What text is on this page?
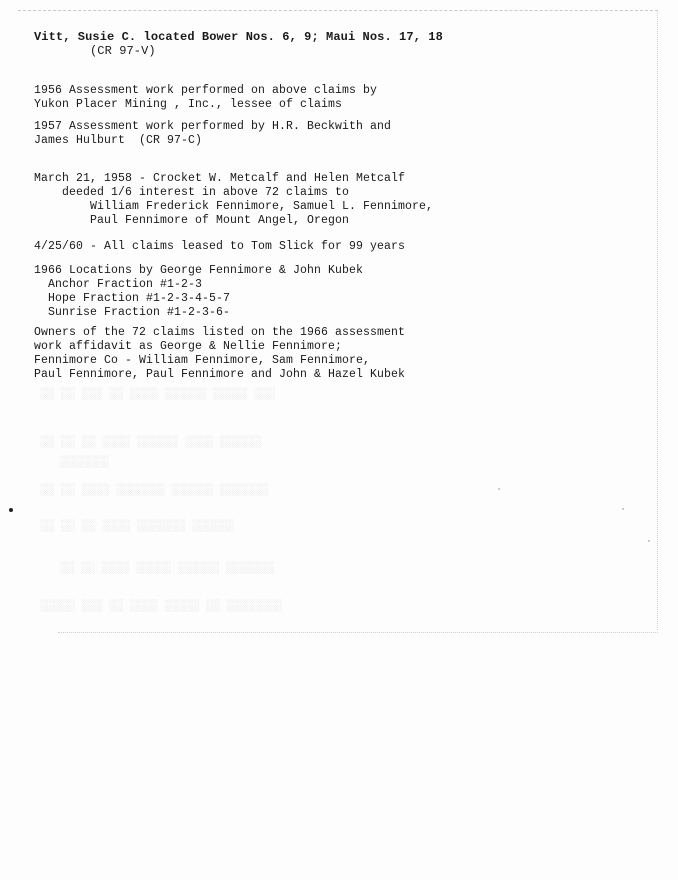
░░░ ░░░░░ ░░░░░░ ░░░░ ░░ ░░░ ░░ ░░
░░░░░░ ░░░░ ░░░░░░ ░░░░ ░░ ░░ ░░
░░░░░░░
░░░░░░░ ░░░░░░ ░░░░░░░ ░░░░ ░░ ░░
░░░░░░ ░░░░░░░ ░░░░ ░░ ░░ ░░
░░░░░░░ ░░░░░░ ░░░░░ ░░░░ ░░ ░░
░░░░░░░░ ░░ ░░░░░ ░░░░ ░░ ░░░ ░░░░░
Vitt, Susie C. located Bower Nos. 6, 9; Maui Nos. 17, 18
(CR 97-V)
1956 Assessment work performed on above claims by
Yukon Placer Mining , Inc., lessee of claims
1957 Assessment work performed by H.R. Beckwith and
James Hulburt  (CR 97-C)
March 21, 1958 - Crocket W. Metcalf and Helen Metcalf
deeded 1/6 interest in above 72 claims to
William Frederick Fennimore, Samuel L. Fennimore,
Paul Fennimore of Mount Angel, Oregon
4/25/60 - All claims leased to Tom Slick for 99 years
1966 Locations by George Fennimore & John Kubek
Anchor Fraction #1-2-3
Hope Fraction #1-2-3-4-5-7
Sunrise Fraction #1-2-3-6-
Owners of the 72 claims listed on the 1966 assessment
work affidavit as George & Nellie Fennimore;
Fennimore Co - William Fennimore, Sam Fennimore,
Paul Fennimore, Paul Fennimore and John & Hazel Kubek
